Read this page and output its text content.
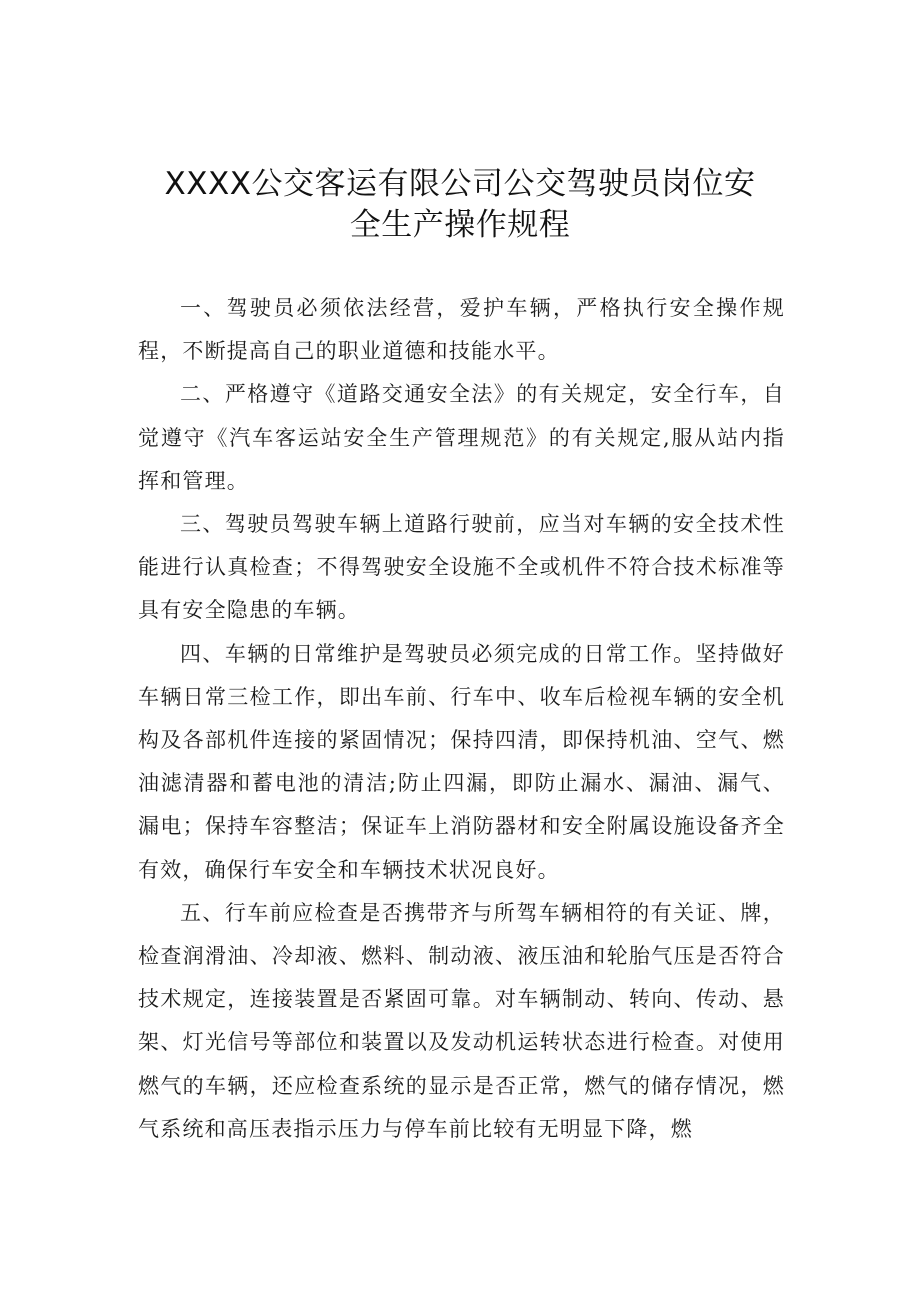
XXXX公交客运有限公司公交驾驶员岗位安
全生产操作规程

一、驾驶员必须依法经营，爱护车辆，严格执行安全操作规程，不断提高自己的职业道德和技能水平。

二、严格遵守《道路交通安全法》的有关规定，安全行车，自觉遵守《汽车客运站安全生产管理规范》的有关规定,服从站内指挥和管理。

三、驾驶员驾驶车辆上道路行驶前，应当对车辆的安全技术性能进行认真检查；不得驾驶安全设施不全或机件不符合技术标准等具有安全隐患的车辆。

四、车辆的日常维护是驾驶员必须完成的日常工作。坚持做好车辆日常三检工作，即出车前、行车中、收车后检视车辆的安全机构及各部机件连接的紧固情况；保持四清，即保持机油、空气、燃油滤清器和蓄电池的清洁;防止四漏，即防止漏水、漏油、漏气、漏电；保持车容整洁；保证车上消防器材和安全附属设施设备齐全有效，确保行车安全和车辆技术状况良好。

五、行车前应检查是否携带齐与所驾车辆相符的有关证、牌，检查润滑油、冷却液、燃料、制动液、液压油和轮胎气压是否符合技术规定，连接装置是否紧固可靠。对车辆制动、转向、传动、悬架、灯光信号等部位和装置以及发动机运转状态进行检查。对使用燃气的车辆，还应检查系统的显示是否正常，燃气的储存情况，燃气系统和高压表指示压力与停车前比较有无明显下降，燃
